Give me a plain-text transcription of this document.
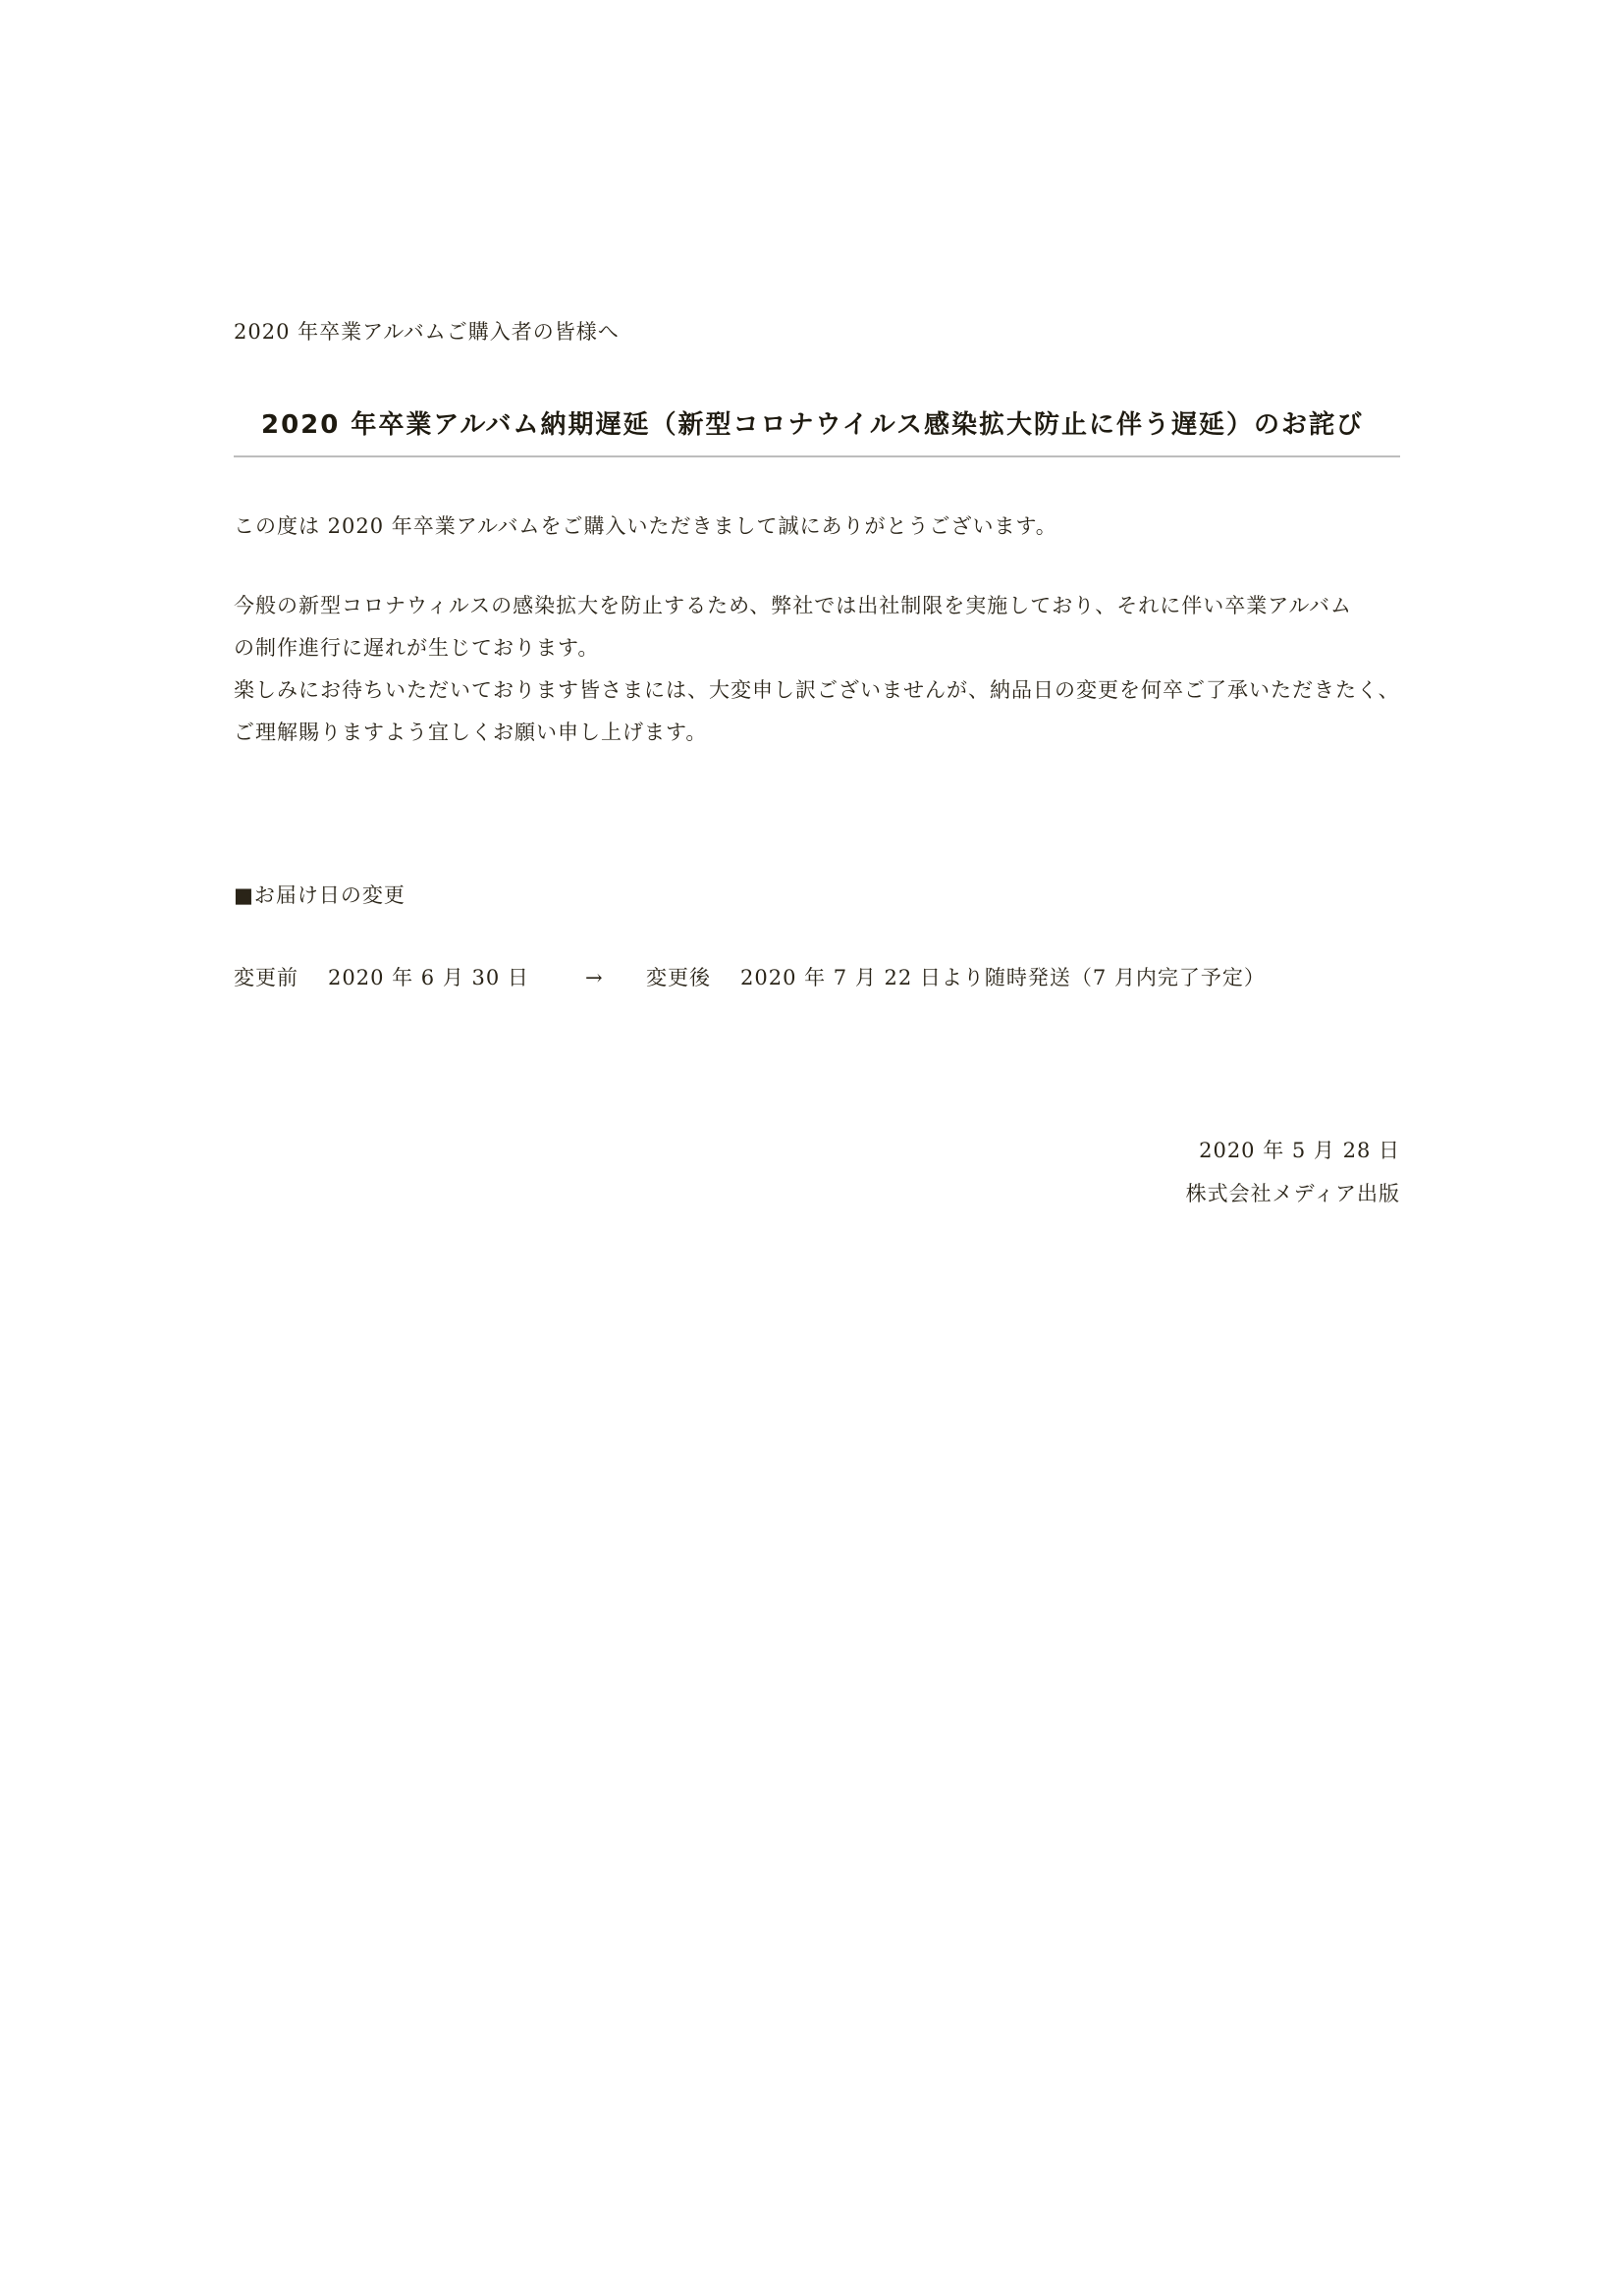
2020 年卒業アルバムご購入者の皆様へ
2020 年卒業アルバム納期遅延（新型コロナウイルス感染拡大防止に伴う遅延）のお詫び
この度は 2020 年卒業アルバムをご購入いただきまして誠にありがとうございます。
今般の新型コロナウィルスの感染拡大を防止するため、弊社では出社制限を実施しており、それに伴い卒業アルバム
の制作進行に遅れが生じております。
楽しみにお待ちいただいております皆さまには、大変申し訳ございませんが、納品日の変更を何卒ご了承いただきたく、
ご理解賜りますよう宜しくお願い申し上げます。
■お届け日の変更
変更前 2020 年 6 月 30 日	→ 変更後 2020 年 7 月 22 日より随時発送（7 月内完了予定）
2020 年 5 月 28 日
株式会社メディア出版
